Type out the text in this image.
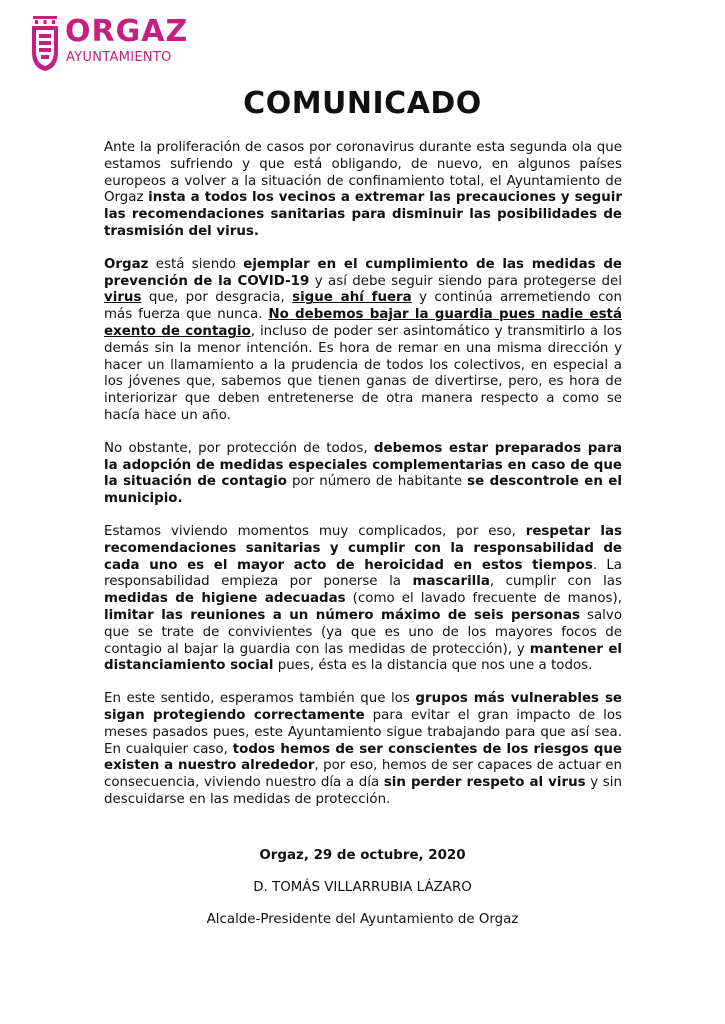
ORGAZ
AYUNTAMIENTO
COMUNICADO

Ante la proliferación de casos por coronavirus durante esta segunda ola que estamos sufriendo y que está obligando, de nuevo, en algunos países europeos a volver a la situación de confinamiento total, el Ayuntamiento de Orgaz insta a todos los vecinos a extremar las precauciones y seguir las recomendaciones sanitarias para disminuir las posibilidades de trasmisión del virus.

Orgaz está siendo ejemplar en el cumplimiento de las medidas de prevención de la COVID-19 y así debe seguir siendo para protegerse del virus que, por desgracia, sigue ahí fuera y continúa arremetiendo con más fuerza que nunca. No debemos bajar la guardia pues nadie está exento de contagio, incluso de poder ser asintomático y transmitirlo a los demás sin la menor intención. Es hora de remar en una misma dirección y hacer un llamamiento a la prudencia de todos los colectivos, en especial a los jóvenes que, sabemos que tienen ganas de divertirse, pero, es hora de interiorizar que deben entretenerse de otra manera respecto a como se hacía hace un año.

No obstante, por protección de todos, debemos estar preparados para la adopción de medidas especiales complementarias en caso de que la situación de contagio por número de habitante se descontrole en el municipio.

Estamos viviendo momentos muy complicados, por eso, respetar las recomendaciones sanitarias y cumplir con la responsabilidad de cada uno es el mayor acto de heroicidad en estos tiempos. La responsabilidad empieza por ponerse la mascarilla, cumplir con las medidas de higiene adecuadas (como el lavado frecuente de manos), limitar las reuniones a un número máximo de seis personas salvo que se trate de convivientes (ya que es uno de los mayores focos de contagio al bajar la guardia con las medidas de protección), y mantener el distanciamiento social pues, ésta es la distancia que nos une a todos.

En este sentido, esperamos también que los grupos más vulnerables se sigan protegiendo correctamente para evitar el gran impacto de los meses pasados pues, este Ayuntamiento sigue trabajando para que así sea. En cualquier caso, todos hemos de ser conscientes de los riesgos que existen a nuestro alrededor, por eso, hemos de ser capaces de actuar en consecuencia, viviendo nuestro día a día sin perder respeto al virus y sin descuidarse en las medidas de protección.

Orgaz, 29 de octubre, 2020
D. TOMÁS VILLARRUBIA LÁZARO
Alcalde-Presidente del Ayuntamiento de Orgaz
